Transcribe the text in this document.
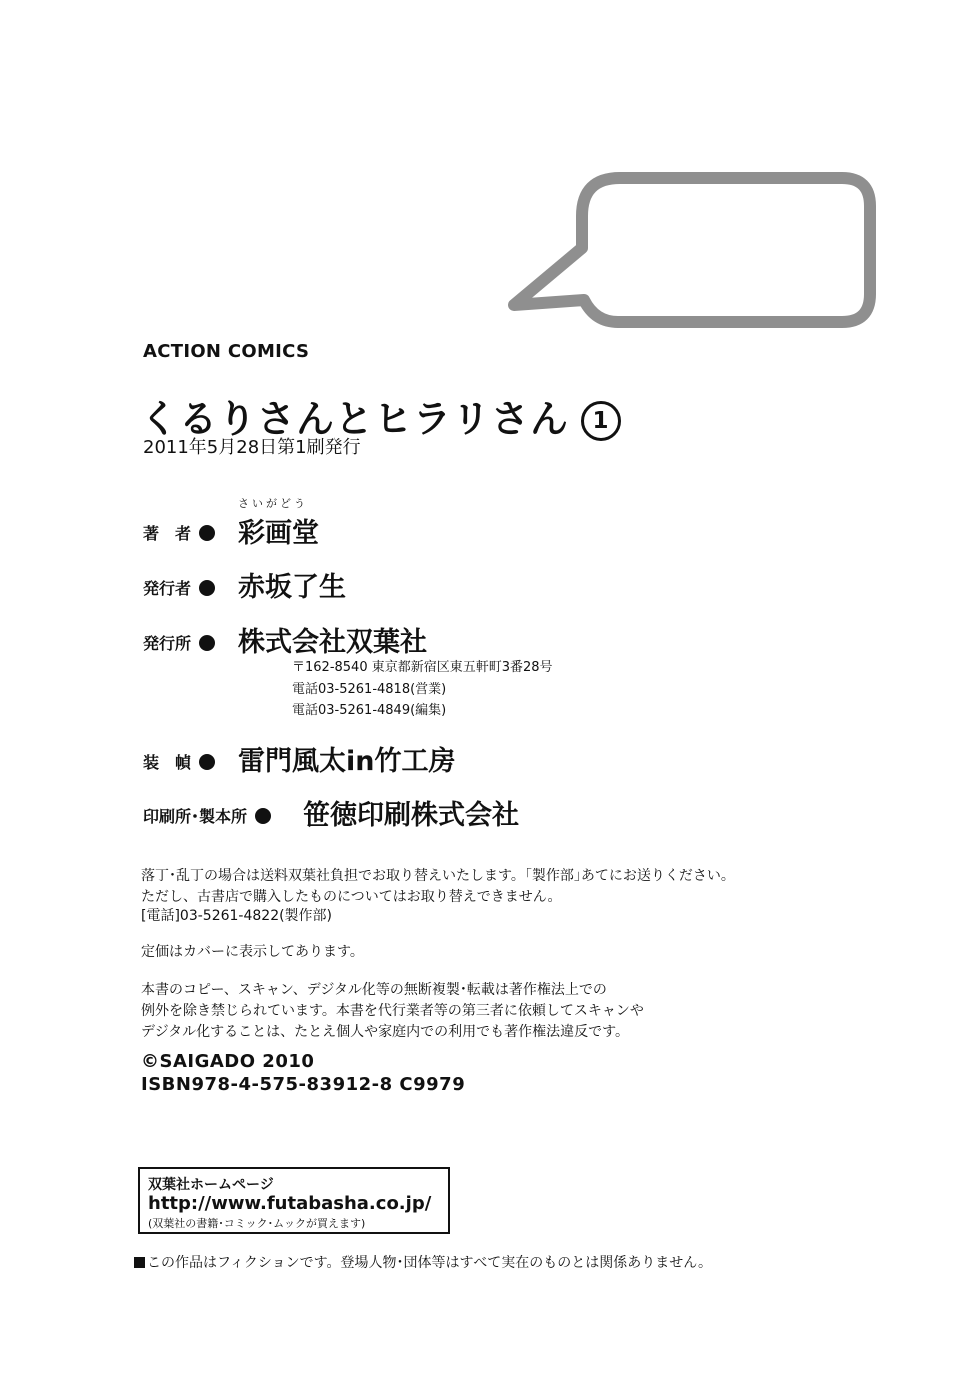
ACTION COMICS
くるりさんとヒラリさん 1
2011年5月28日第1刷発行
さいがどう
著　者	彩画堂
発行者	赤坂了生
発行所	株式会社双葉社
〒162-8540 東京都新宿区東五軒町3番28号
電話03-5261-4818(営業)
電話03-5261-4849(編集)
装　幀	雷門風太in竹工房
印刷所･製本所	笹徳印刷株式会社
落丁･乱丁の場合は送料双葉社負担でお取り替えいたします。｢製作部｣あてにお送りください。
ただし、古書店で購入したものについてはお取り替えできません。
[電話]03-5261-4822(製作部)
定価はカバーに表示してあります。
本書のコピー、スキャン、デジタル化等の無断複製･転載は著作権法上での
例外を除き禁じられています。本書を代行業者等の第三者に依頼してスキャンや
デジタル化することは、たとえ個人や家庭内での利用でも著作権法違反です。
©SAIGADO 2010
ISBN978-4-575-83912-8 C9979
双葉社ホームページ
http://www.futabasha.co.jp/
(双葉社の書籍･コミック･ムックが買えます)
この作品はフィクションです。登場人物･団体等はすべて実在のものとは関係ありません。
